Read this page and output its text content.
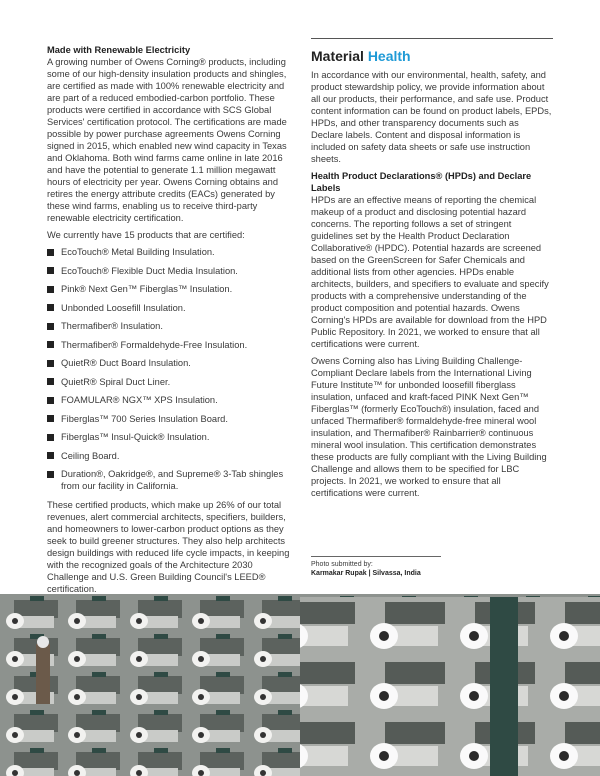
Made with Renewable Electricity

A growing number of Owens Corning® products, including some of our high-density insulation products and shingles, are certified as made with 100% renewable electricity and are part of a reduced embodied-carbon portfolio. These products were certified in accordance with SCS Global Services' certification protocol. The certifications are made possible by power purchase agreements Owens Corning signed in 2015, which enabled new wind capacity in Texas and Oklahoma. Both wind farms came online in late 2016 and have the potential to generate 1.1 million megawatt hours of electricity per year. Owens Corning obtains and retires the energy attribute credits (EACs) generated by these wind farms, enabling us to receive third-party renewable electricity certification.

We currently have 15 products that are certified:

EcoTouch® Metal Building Insulation.
EcoTouch® Flexible Duct Media Insulation.
Pink® Next Gen™ Fiberglas™ Insulation.
Unbonded Loosefill Insulation.
Thermafiber® Insulation.
Thermafiber® Formaldehyde-Free Insulation.
QuietR® Duct Board Insulation.
QuietR® Spiral Duct Liner.
FOAMULAR® NGX™ XPS Insulation.
Fiberglas™ 700 Series Insulation Board.
Fiberglas™ Insul-Quick® Insulation.
Ceiling Board.
Duration®, Oakridge®, and Supreme® 3-Tab shingles from our facility in California.

These certified products, which make up 26% of our total revenues, alert commercial architects, specifiers, builders, and homeowners to lower-carbon product options as they seek to build greener structures. They also help architects design buildings with reduced life cycle impacts, in keeping with the recognized goals of the Architecture 2030 Challenge and U.S. Green Building Council's LEED® certification.

Material Health

In accordance with our environmental, health, safety, and product stewardship policy, we provide information about all our products, their performance, and safe use. Product content information can be found on product labels, EPDs, HPDs, and other transparency documents such as Declare labels. Content and disposal information is included on safety data sheets or safe use instruction sheets.

Health Product Declarations® (HPDs) and Declare Labels

HPDs are an effective means of reporting the chemical makeup of a product and disclosing potential hazard concerns. The reporting follows a set of stringent guidelines set by the Health Product Declaration Collaborative® (HPDC). Potential hazards are screened based on the GreenScreen for Safer Chemicals and additional lists from other agencies. HPDs enable architects, builders, and specifiers to evaluate and specify products with a comprehensive understanding of the product composition and potential hazards. Owens Corning's HPDs are available for download from the HPD Public Repository. In 2021, we worked to ensure that all certifications were current.

Owens Corning also has Living Building Challenge-Compliant Declare labels from the International Living Future Institute™ for unbonded loosefill fiberglass insulation, unfaced and kraft-faced PINK Next Gen™ Fiberglas™ (formerly EcoTouch®) insulation, faced and unfaced Thermafiber® formaldehyde-free mineral wool insulation, and Thermafiber® Rainbarrier® continuous mineral wool insulation. This certification demonstrates these products are fully compliant with the Living Building Challenge and allows them to be specified for LBC projects. In 2021, we worked to ensure that all certifications were current.

Photo submitted by:
Karmakar Rupak | Silvassa, India
